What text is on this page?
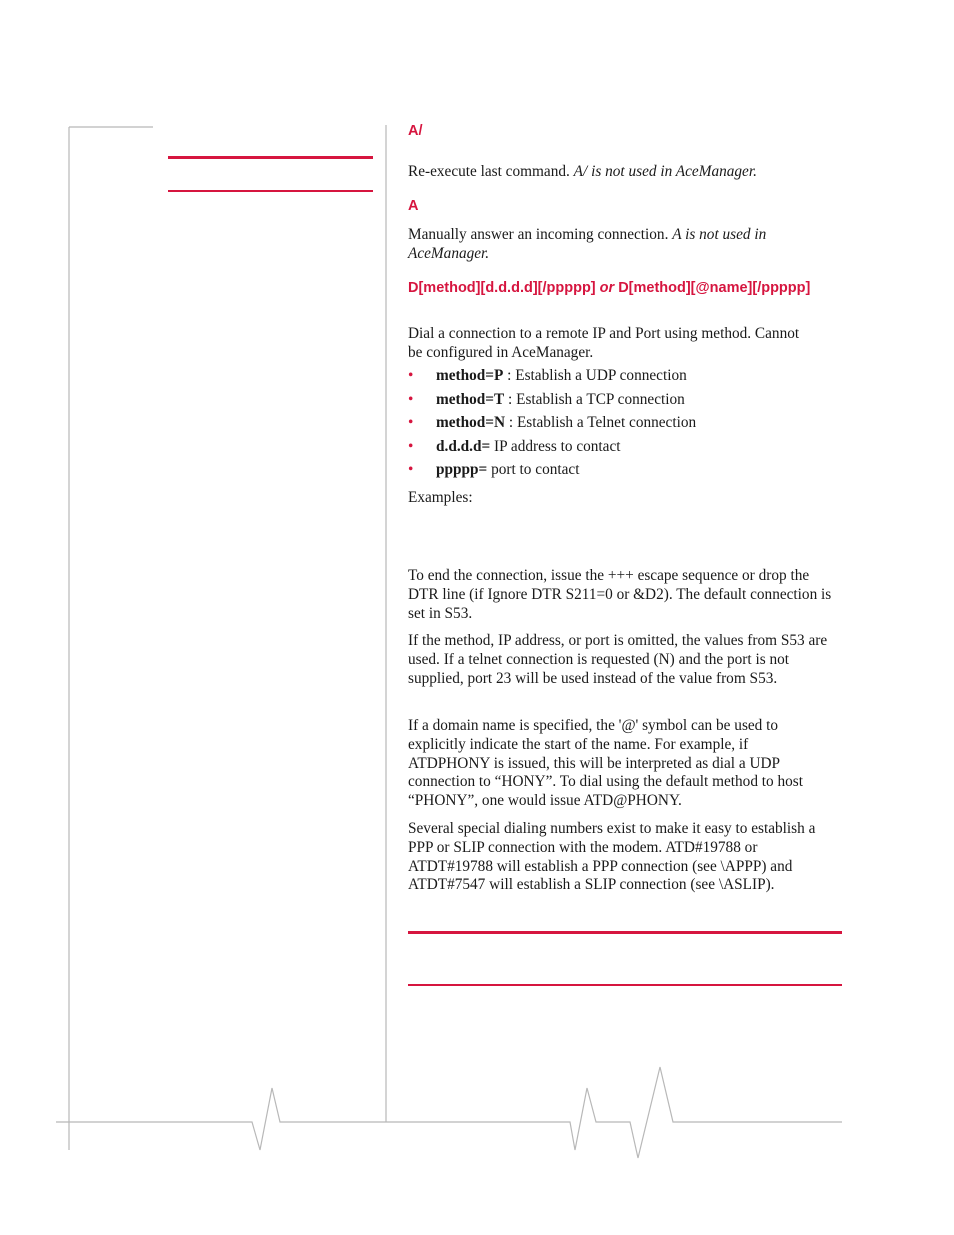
A/

Re-execute last command. A/ is not used in AceManager.

A

Manually answer an incoming connection. A is not used in AceManager.

D[method][d.d.d.d][/ppppp] or D[method][@name][/ppppp]

Dial a connection to a remote IP and Port using method. Cannot be configured in AceManager.

• method=P : Establish a UDP connection
• method=T : Establish a TCP connection
• method=N : Establish a Telnet connection
• d.d.d.d= IP address to contact
• ppppp= port to contact

Examples:

To end the connection, issue the +++ escape sequence or drop the DTR line (if Ignore DTR S211=0 or &D2). The default connection is set in S53.

If the method, IP address, or port is omitted, the values from S53 are used. If a telnet connection is requested (N) and the port is not supplied, port 23 will be used instead of the value from S53.

If a domain name is specified, the '@' symbol can be used to explicitly indicate the start of the name. For example, if ATDPHONY is issued, this will be interpreted as dial a UDP connection to “HONY”. To dial using the default method to host “PHONY”, one would issue ATD@PHONY.

Several special dialing numbers exist to make it easy to establish a PPP or SLIP connection with the modem. ATD#19788 or ATDT#19788 will establish a PPP connection (see \APPP) and ATDT#7547 will establish a SLIP connection (see \ASLIP).
